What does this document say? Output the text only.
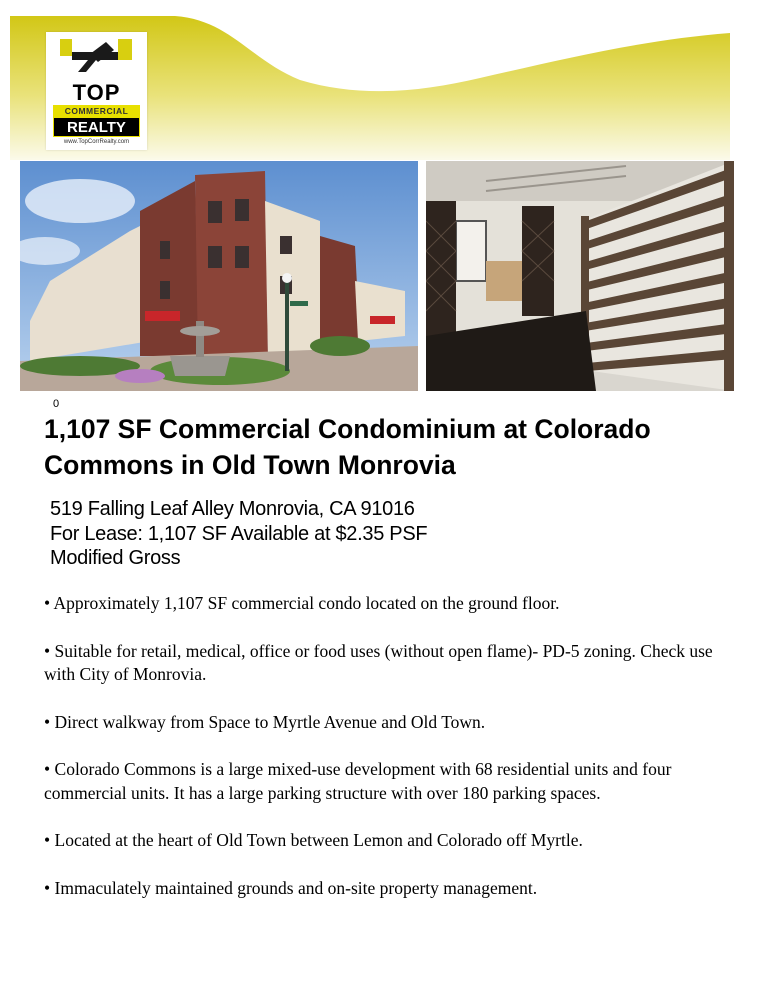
TOP
COMMERCIAL
REALTY
www.TopCorrRealty.com
0
1,107 SF Commercial Condominium at Colorado
Commons in Old Town Monrovia
519 Falling Leaf Alley Monrovia, CA 91016
For Lease: 1,107 SF Available at $2.35 PSF
Modified Gross
• Approximately 1,107 SF commercial condo located on the ground floor.
• Suitable for retail, medical, office or food uses (without open flame)- PD-5 zoning. Check use with City of Monrovia.
• Direct walkway from Space to Myrtle Avenue and Old Town.
• Colorado Commons is a large mixed-use development with 68 residential units and four commercial units. It has a large parking structure with over 180 parking spaces.
• Located at the heart of Old Town between Lemon and Colorado off Myrtle.
• Immaculately maintained grounds and on-site property management.
